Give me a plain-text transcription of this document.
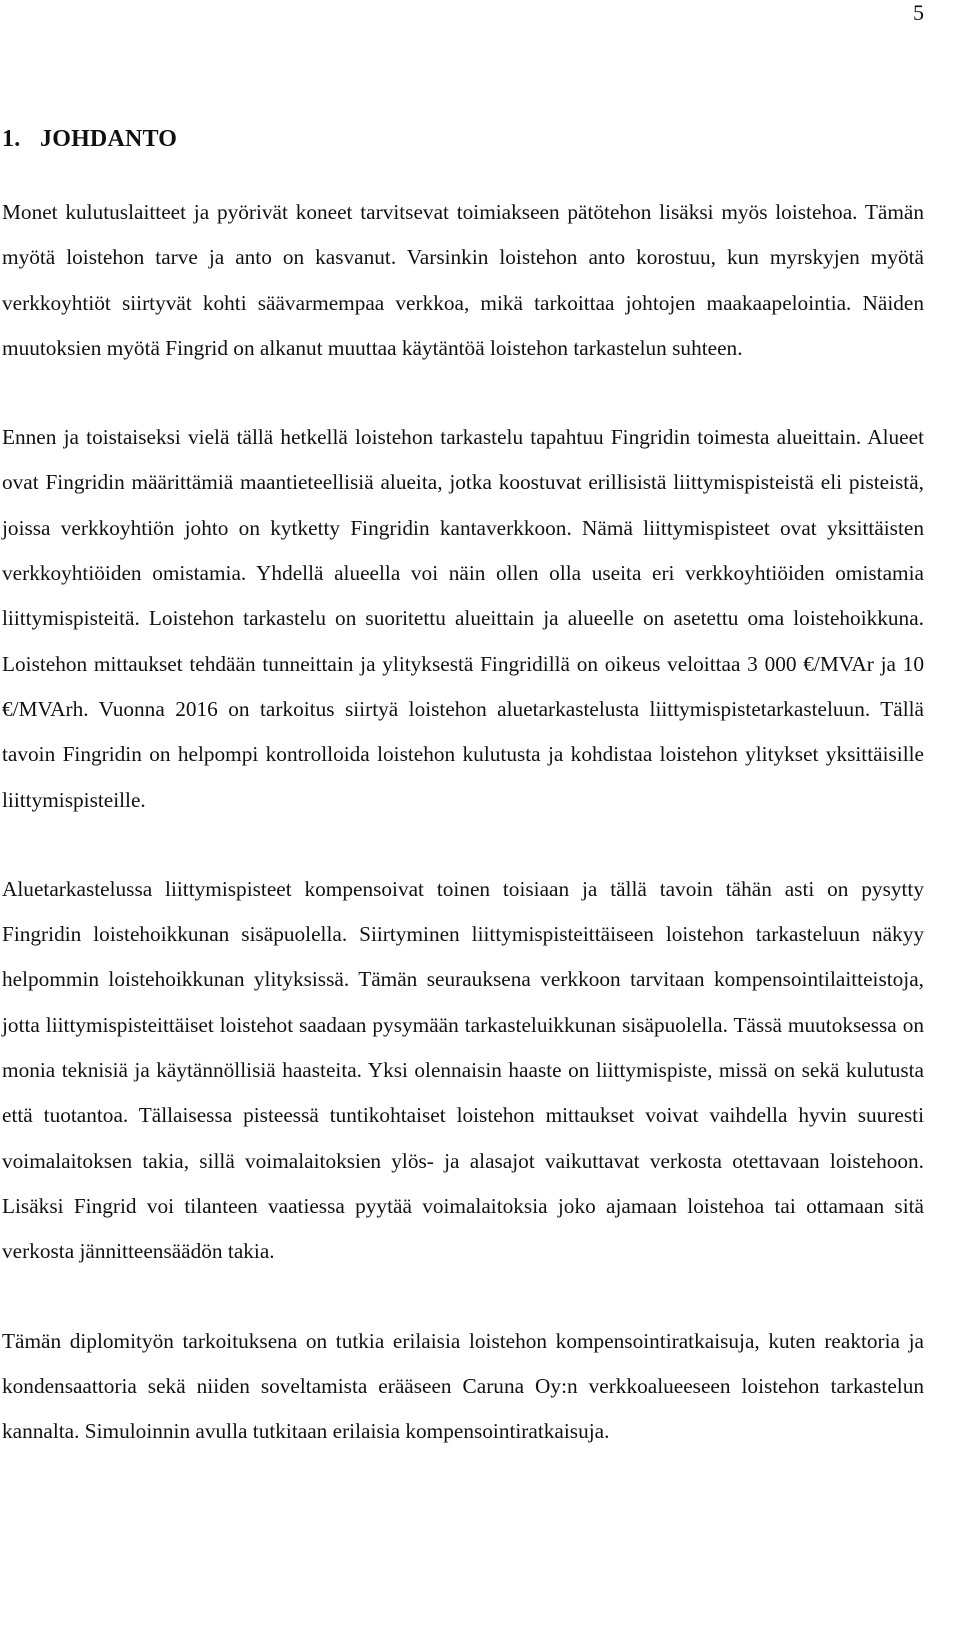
5
1. JOHDANTO

Monet kulutuslaitteet ja pyörivät koneet tarvitsevat toimiakseen pätötehon lisäksi myös loistehoa. Tämän myötä loistehon tarve ja anto on kasvanut. Varsinkin loistehon anto korostuu, kun myrskyjen myötä verkkoyhtiöt siirtyvät kohti säävarmempaa verkkoa, mikä tarkoittaa johtojen maakaapelointia. Näiden muutoksien myötä Fingrid on alkanut muuttaa käytäntöä loistehon tarkastelun suhteen.

Ennen ja toistaiseksi vielä tällä hetkellä loistehon tarkastelu tapahtuu Fingridin toimesta alueittain. Alueet ovat Fingridin määrittämiä maantieteellisiä alueita, jotka koostuvat erillisistä liittymispisteistä eli pisteistä, joissa verkkoyhtiön johto on kytketty Fingridin kantaverkkoon. Nämä liittymispisteet ovat yksittäisten verkkoyhtiöiden omistamia. Yhdellä alueella voi näin ollen olla useita eri verkkoyhtiöiden omistamia liittymispisteitä. Loistehon tarkastelu on suoritettu alueittain ja alueelle on asetettu oma loistehoikkuna. Loistehon mittaukset tehdään tunneittain ja ylityksestä Fingridillä on oikeus veloittaa 3 000 €/MVAr ja 10 €/MVArh. Vuonna 2016 on tarkoitus siirtyä loistehon aluetarkastelusta liittymispistetarkasteluun. Tällä tavoin Fingridin on helpompi kontrolloida loistehon kulutusta ja kohdistaa loistehon ylitykset yksittäisille liittymispisteille.

Aluetarkastelussa liittymispisteet kompensoivat toinen toisiaan ja tällä tavoin tähän asti on pysytty Fingridin loistehoikkunan sisäpuolella. Siirtyminen liittymispisteittäiseen loistehon tarkasteluun näkyy helpommin loistehoikkunan ylityksissä. Tämän seurauksena verkkoon tarvitaan kompensointilaitteistoja, jotta liittymispisteittäiset loistehot saadaan pysymään tarkasteluikkunan sisäpuolella. Tässä muutoksessa on monia teknisiä ja käytännöllisiä haasteita. Yksi olennaisin haaste on liittymispiste, missä on sekä kulutusta että tuotantoa. Tällaisessa pisteessä tuntikohtaiset loistehon mittaukset voivat vaihdella hyvin suuresti voimalaitoksen takia, sillä voimalaitoksien ylös- ja alasajot vaikuttavat verkosta otettavaan loistehoon. Lisäksi Fingrid voi tilanteen vaatiessa pyytää voimalaitoksia joko ajamaan loistehoa tai ottamaan sitä verkosta jännitteensäädön takia.

Tämän diplomityön tarkoituksena on tutkia erilaisia loistehon kompensointiratkaisuja, kuten reaktoria ja kondensaattoria sekä niiden soveltamista erääseen Caruna Oy:n verkkoalueeseen loistehon tarkastelun kannalta. Simuloinnin avulla tutkitaan erilaisia kompensointiratkaisuja.
